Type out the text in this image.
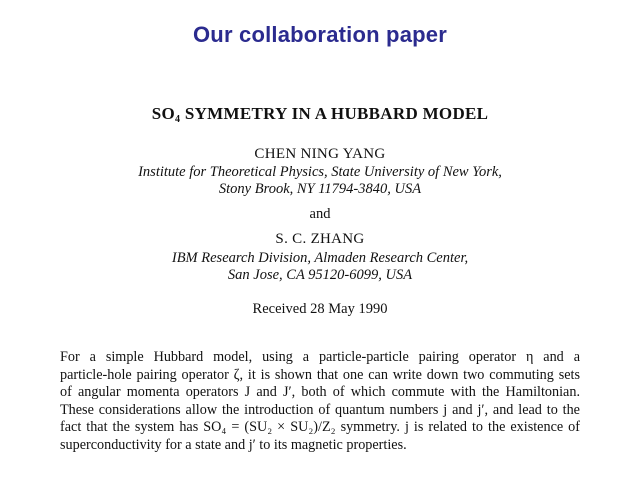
Our collaboration paper
$SO_4$ SYMMETRY IN A HUBBARD MODEL
CHEN NING YANG
Institute for Theoretical Physics, State University of New York,
Stony Brook, NY 11794-3840, USA
and
S. C. ZHANG
IBM Research Division, Almaden Research Center,
San Jose, CA 95120-6099, USA
Received 28 May 1990
For a simple Hubbard model, using a particle-particle pairing operator η and a
particle-hole pairing operator ζ, it is shown that one can write down two commuting sets
of angular momenta operators J and J′, both of which commute with the Hamiltonian.
These considerations allow the introduction of quantum numbers j and j′, and lead to the
fact that the system has SO₄ = (SU₂ × SU₂)/Z₂ symmetry. j is related to the existence of
superconductivity for a state and j′ to its magnetic properties.
